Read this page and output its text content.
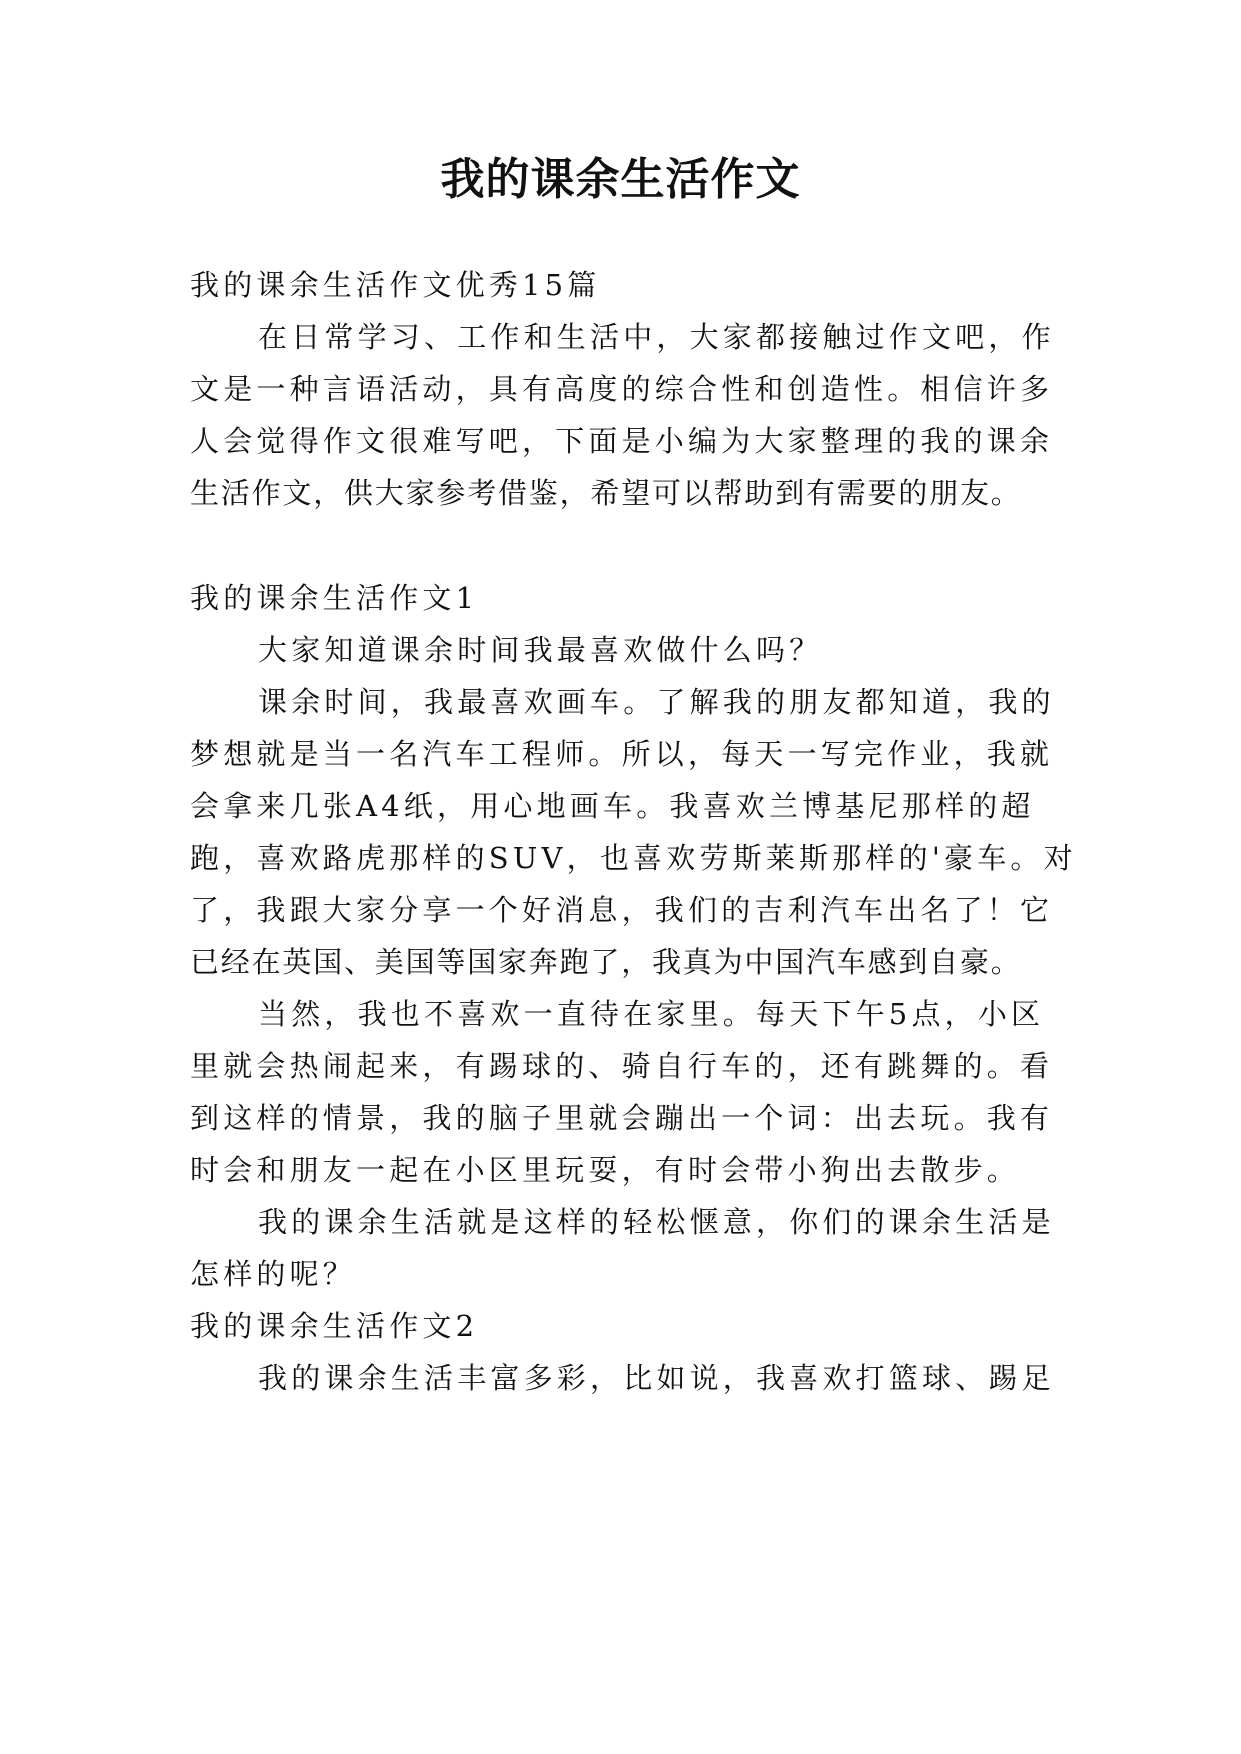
我的课余生活作文
我的课余生活作文优秀15篇
在日常学习、工作和生活中，大家都接触过作文吧，作
文是一种言语活动，具有高度的综合性和创造性。相信许多
人会觉得作文很难写吧，下面是小编为大家整理的我的课余
生活作文，供大家参考借鉴，希望可以帮助到有需要的朋友。
我的课余生活作文1
大家知道课余时间我最喜欢做什么吗？
课余时间，我最喜欢画车。了解我的朋友都知道，我的
梦想就是当一名汽车工程师。所以，每天一写完作业，我就
会拿来几张A4纸，用心地画车。我喜欢兰博基尼那样的超
跑，喜欢路虎那样的SUV，也喜欢劳斯莱斯那样的'豪车。对
了，我跟大家分享一个好消息，我们的吉利汽车出名了！它
已经在英国、美国等国家奔跑了，我真为中国汽车感到自豪。
当然，我也不喜欢一直待在家里。每天下午5点，小区
里就会热闹起来，有踢球的、骑自行车的，还有跳舞的。看
到这样的情景，我的脑子里就会蹦出一个词：出去玩。我有
时会和朋友一起在小区里玩耍，有时会带小狗出去散步。
我的课余生活就是这样的轻松惬意，你们的课余生活是
怎样的呢？
我的课余生活作文2
我的课余生活丰富多彩，比如说，我喜欢打篮球、踢足
